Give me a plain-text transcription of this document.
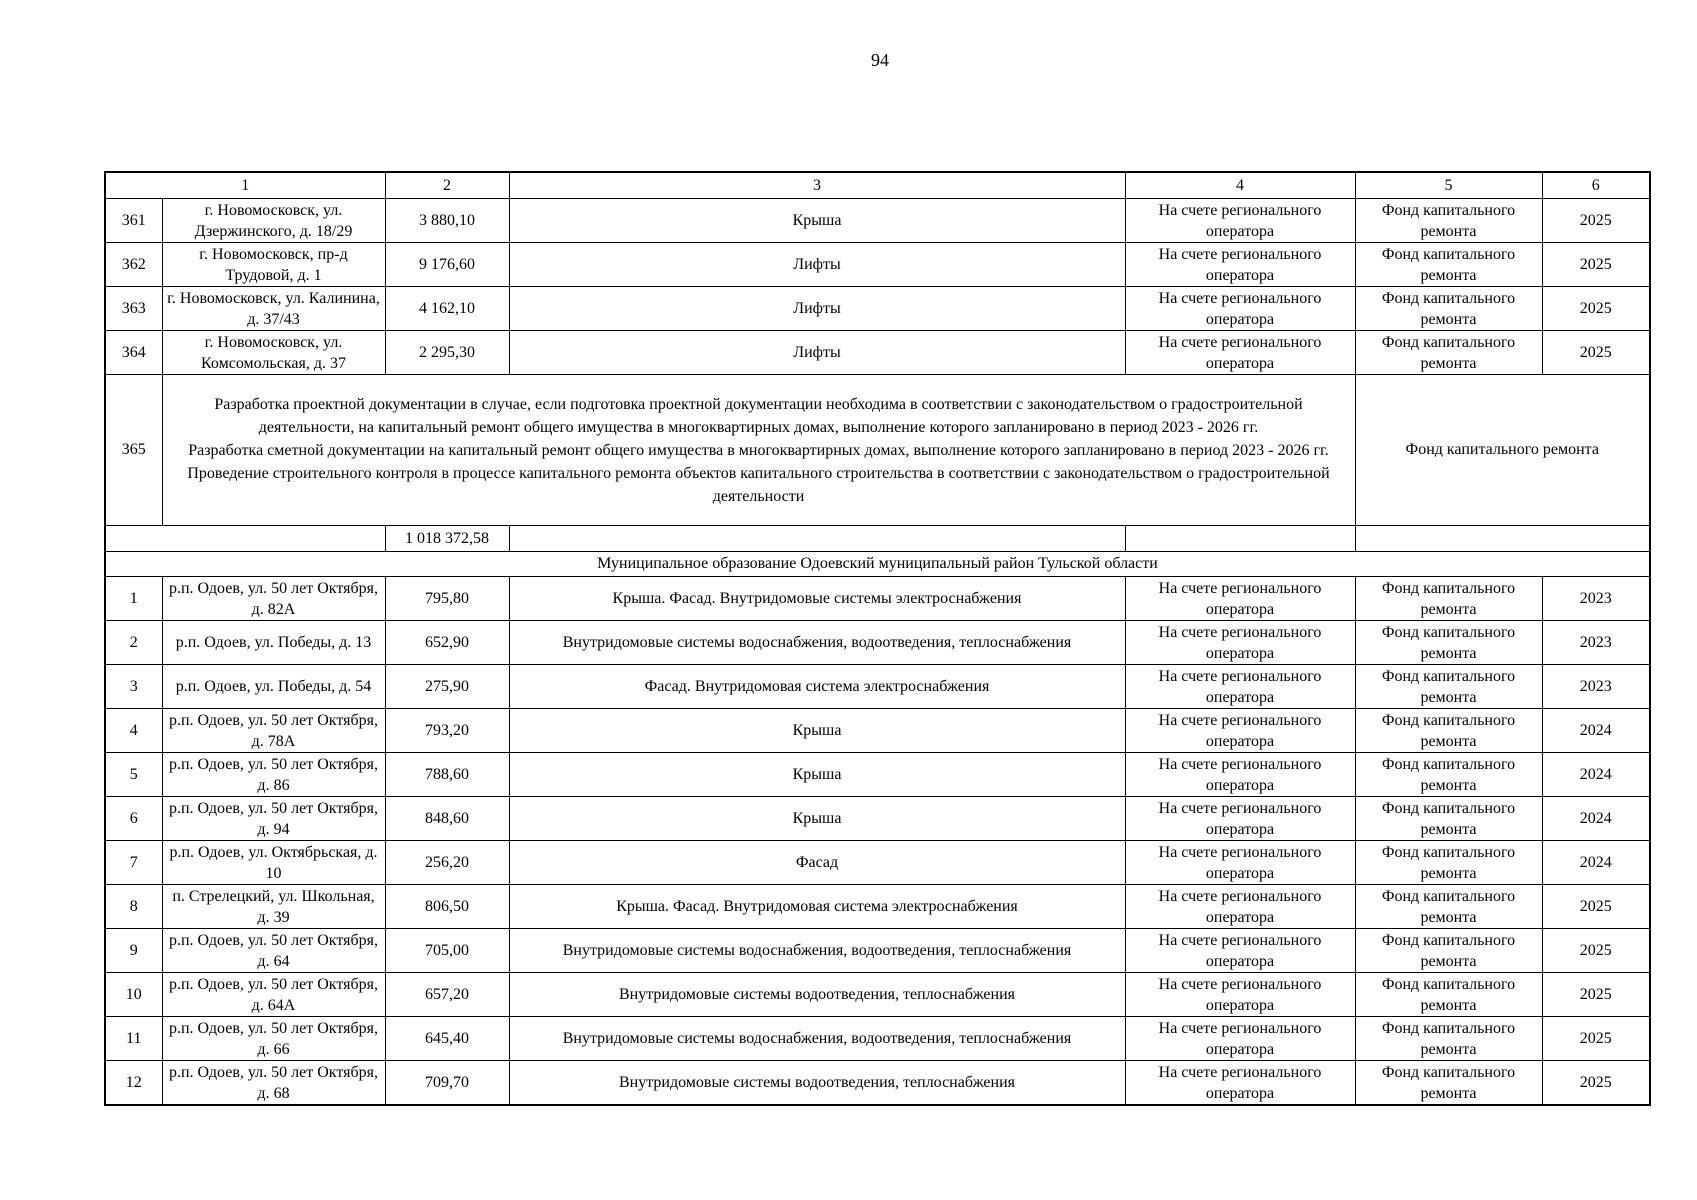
94
1		2	3	4	5	6
361	г. Новомосковск, ул. Дзержинского, д. 18/29	3 880,10	Крыша	На счете регионального оператора	Фонд капитального ремонта	2025
362	г. Новомосковск, пр-д Трудовой, д. 1	9 176,60	Лифты	На счете регионального оператора	Фонд капитального ремонта	2025
363	г. Новомосковск, ул. Калинина, д. 37/43	4 162,10	Лифты	На счете регионального оператора	Фонд капитального ремонта	2025
364	г. Новомосковск, ул. Комсомольская, д. 37	2 295,30	Лифты	На счете регионального оператора	Фонд капитального ремонта	2025
365	Разработка проектной документации в случае, если подготовка проектной документации необходима в соответствии с законодательством о градостроительной деятельности, на капитальный ремонт общего имущества в многоквартирных домах, выполнение которого запланировано в период 2023 - 2026 гг.
Разработка сметной документации на капитальный ремонт общего имущества в многоквартирных домах, выполнение которого запланировано в период 2023 - 2026 гг.
Проведение строительного контроля в процессе капитального ремонта объектов капитального строительства в соответствии с законодательством о градостроительной деятельности				Фонд капитального ремонта	
		1 018 372,58				
Муниципальное образование Одоевский муниципальный район Тульской области						
1	р.п. Одоев, ул. 50 лет Октября, д. 82А	795,80	Крыша. Фасад. Внутридомовые системы электроснабжения	На счете регионального оператора	Фонд капитального ремонта	2023
2	р.п. Одоев, ул. Победы, д. 13	652,90	Внутридомовые системы водоснабжения, водоотведения, теплоснабжения	На счете регионального оператора	Фонд капитального ремонта	2023
3	р.п. Одоев, ул. Победы, д. 54	275,90	Фасад. Внутридомовая система электроснабжения	На счете регионального оператора	Фонд капитального ремонта	2023
4	р.п. Одоев, ул. 50 лет Октября, д. 78А	793,20	Крыша	На счете регионального оператора	Фонд капитального ремонта	2024
5	р.п. Одоев, ул. 50 лет Октября, д. 86	788,60	Крыша	На счете регионального оператора	Фонд капитального ремонта	2024
6	р.п. Одоев, ул. 50 лет Октября, д. 94	848,60	Крыша	На счете регионального оператора	Фонд капитального ремонта	2024
7	р.п. Одоев, ул. Октябрьская, д. 10	256,20	Фасад	На счете регионального оператора	Фонд капитального ремонта	2024
8	п. Стрелецкий, ул. Школьная, д. 39	806,50	Крыша. Фасад. Внутридомовая система электроснабжения	На счете регионального оператора	Фонд капитального ремонта	2025
9	р.п. Одоев, ул. 50 лет Октября, д. 64	705,00	Внутридомовые системы водоснабжения, водоотведения, теплоснабжения	На счете регионального оператора	Фонд капитального ремонта	2025
10	р.п. Одоев, ул. 50 лет Октября, д. 64А	657,20	Внутридомовые системы водоотведения, теплоснабжения	На счете регионального оператора	Фонд капитального ремонта	2025
11	р.п. Одоев, ул. 50 лет Октября, д. 66	645,40	Внутридомовые системы водоснабжения, водоотведения, теплоснабжения	На счете регионального оператора	Фонд капитального ремонта	2025
12	р.п. Одоев, ул. 50 лет Октября, д. 68	709,70	Внутридомовые системы водоотведения, теплоснабжения	На счете регионального оператора	Фонд капитального ремонта	2025
